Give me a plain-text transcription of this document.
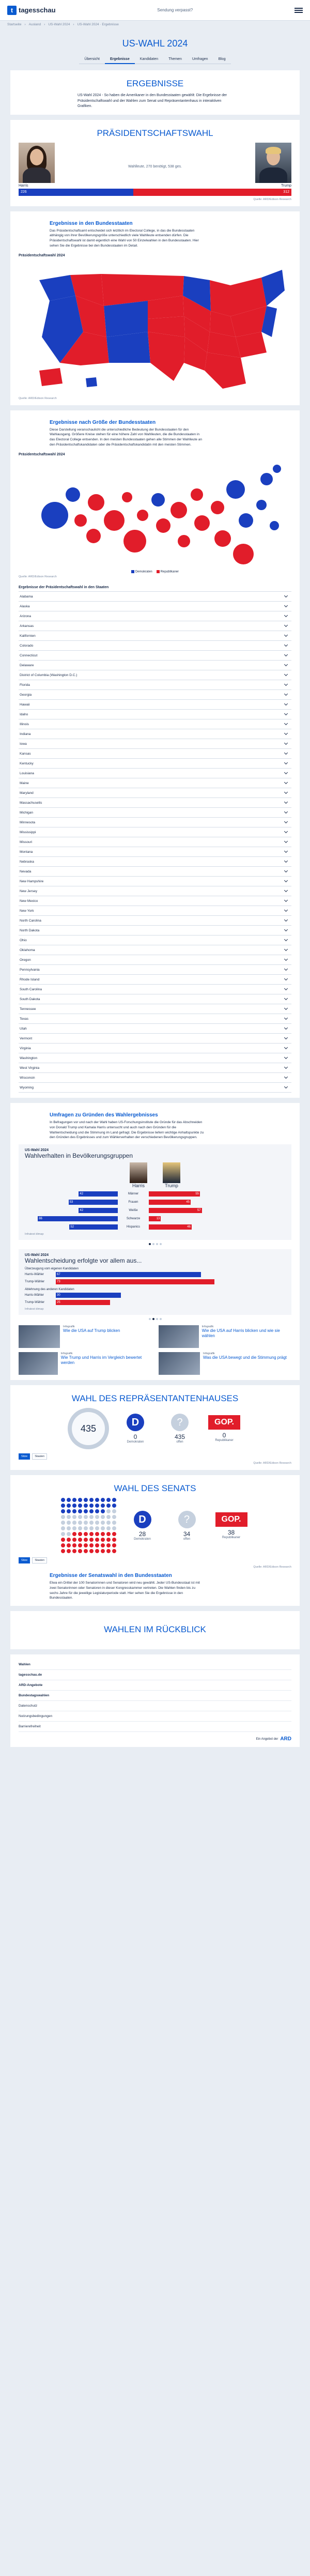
t tagesschau	Sendung verpasst?
Startseite › Ausland › US-Wahl 2024 › US-Wahl 2024 · Ergebnisse
US-WAHL 2024
Übersicht	Ergebnisse	Kandidaten	Themen	Umfragen	Blog
ERGEBNISSE

US-Wahl 2024 - So haben die Amerikaner in den Bundesstaaten gewählt: Die Ergebnisse der Präsidentschaftswahl und der Wahlen zum Senat und Repräsentantenhaus in interaktiven Grafiken.

PRÄSIDENTSCHAFTSWAHL
Wahlleute, 270 benötigt, 538 ges.
Harris	Trump
226	312
Quelle: ARD/Edison Research
Ergebnisse in den Bundesstaaten

Das Präsidentschaftsamt entscheidet sich letztlich im Electoral College, in das die Bundesstaaten abhängig von ihrer Bevölkerungsgröße unterschiedlich viele Wahlleute entsenden dürfen. Die Präsidentschaftswahl ist damit eigentlich eine Wahl von 50 Einzelwahlen in den Bundesstaaten. Hier sehen Sie die Ergebnisse bei den Bundesstaaten im Detail.

Präsidentschaftswahl 2024
Quelle: ARD/Edison Research
Ergebnisse nach Größe der Bundesstaaten

Diese Darstellung veranschaulicht die unterschiedliche Bedeutung der Bundesstaaten für den Wahlausgang. Größere Kreise stehen für eine höhere Zahl von Wahlleuten, die die Bundesstaaten in das Electoral College entsenden. In den meisten Bundesstaaten gehen alle Stimmen der Wahlleute an den Präsidentschaftskandidaten oder die Präsidentschaftskandidatin mit den meisten Stimmen.

Präsidentschaftswahl 2024
Demokraten	Republikaner
Quelle: ARD/Edison Research
Ergebnisse der Präsidentschaftswahl in den Staaten
Alabama
Alaska
Arizona
Arkansas
Kalifornien
Colorado
Connecticut
Delaware
District of Columbia (Washington D.C.)
Florida
Georgia
Hawaii
Idaho
Illinois
Indiana
Iowa
Kansas
Kentucky
Louisiana
Maine
Maryland
Massachusetts
Michigan
Minnesota
Mississippi
Missouri
Montana
Nebraska
Nevada
New Hampshire
New Jersey
New Mexico
New York
North Carolina
North Dakota
Ohio
Oklahoma
Oregon
Pennsylvania
Rhode Island
South Carolina
South Dakota
Tennessee
Texas
Utah
Vermont
Virginia
Washington
West Virginia
Wisconsin
Wyoming
Umfragen zu Gründen des Wahlergebnisses

In Befragungen vor und nach der Wahl haben US-Forschungsinstitute die Gründe für das Abschneiden von Donald Trump und Kamala Harris untersucht und auch nach den Gründen für die Wahlentscheidung und die Stimmung im Land gefragt. Die Ergebnisse liefern wichtige Anhaltspunkte zu den Gründen des Ergebnisses und zum Wählerverhalten der verschiedenen Bevölkerungsgruppen.

US-Wahl 2024
Wahlverhalten in Bevölkerungsgruppen
Harris	Trump
42	Männer	55
53	Frauen	45
42	Weiße	57
86	Schwarze	13
52	Hispanics	46
Infratest dimap
US-Wahl 2024
Wahlentscheidung erfolgte vor allem aus...
Überzeugung vom eigenen Kandidaten
Harris-Wähler	67
Trump-Wähler	73
Ablehnung des anderen Kandidaten
Harris-Wähler	30
Trump-Wähler	25
Infratest dimap
Infografik
Wie die USA auf Trump blicken
Infografik
Wie die USA auf Harris blicken und wie sie wählen
Infografik
Wie Trump und Harris im Vergleich bewertet werden
Infografik
Was die USA bewegt und die Stimmung prägt
WAHL DES REPRÄSENTANTENHAUSES
435
D
0
Demokraten
?
435
offen
GOP.
0
Republikaner
Sitze	Staaten
Quelle: ARD/Edison Research
WAHL DES SENATS
D
28
Demokraten
?
34
offen
GOP.
38
Republikaner
Sitze	Staaten
Quelle: ARD/Edison Research
Ergebnisse der Senatswahl in den Bundesstaaten

Etwa ein Drittel der 100 Senatorinnen und Senatoren wird neu gewählt. Jeder US-Bundesstaat ist mit zwei Senatorinnen oder Senatoren in dieser Kongresskammer vertreten. Die Wahlen finden bis zu sechs Jahre für die jeweilige Legislaturperiode statt. Hier sehen Sie die Ergebnisse in den Bundesstaaten.

WAHLEN IM RÜCKBLICK
Wahlen
tagesschau.de
ARD-Angebote
Bundestagswahlen
Datenschutz
Nutzungsbedingungen
Barrierefreiheit
Ein Angebot der ARD
